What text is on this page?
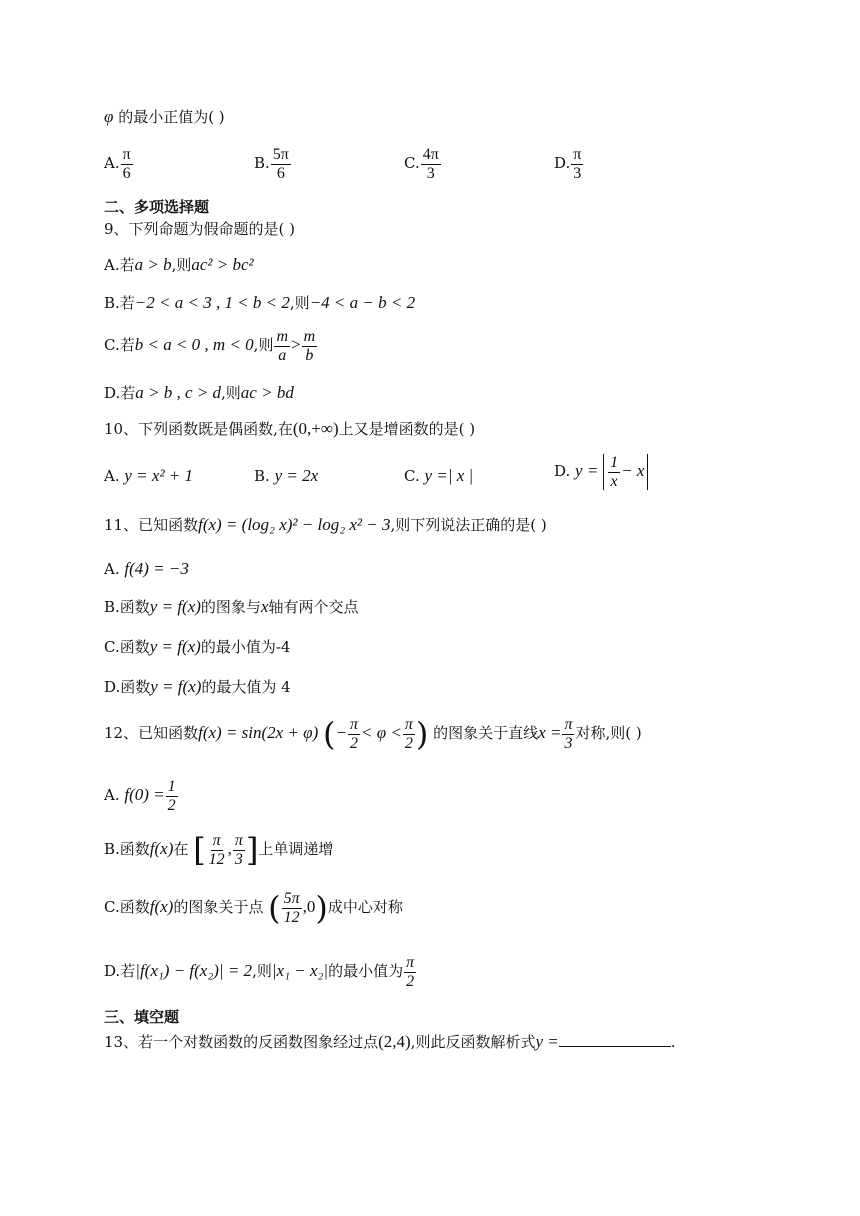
φ 的最小正值为( )
A. $\frac{\pi}{6}$	B. $\frac{5\pi}{6}$	C. $\frac{4\pi}{3}$	D. $\frac{\pi}{3}$
二、多项选择题
9、下列命题为假命题的是( )
A.若a > b,则ac² > bc²
B.若−2 < a < 3 , 1 < b < 2,则−4 < a − b < 2
C.若b < a < 0 , m < 0,则 $\frac{m}{a} > \frac{m}{b}$
D.若a > b , c > d,则ac > bd
10、下列函数既是偶函数,在(0,+∞)上又是增函数的是( )
A. y = x² + 1	B. y = 2x	C. y =| x |	D. $y = \frac{1}{x} - x$
11、已知函数f(x) = (log₂ x)² − log₂ x² − 3,则下列说法正确的是( )
A. f(4) = −3
B.函数y = f(x)的图象与x轴有两个交点
C.函数y = f(x)的最小值为-4
D.函数y = f(x)的最大值为 4
12、已知函数f(x) = sin(2x + φ) (− $\frac{\pi}{2} < \varphi < \frac{\pi}{2}$ ) 的图象关于直线$x = \frac{\pi}{3}$ 对称,则( )
A. $f(0) = \frac{1}{2}$
B.函数f(x)在 [ $\frac{\pi}{12}$ , $\frac{\pi}{3}$ ]上单调递增
C.函数f(x)的图象关于点 ( $\frac{5\pi}{12} ,0$)成中心对称
D.若|f(x₁) − f(x₂)| = 2,则|x₁ − x₂|的最小值为 $\frac{\pi}{2}$
三、填空题
13、若一个对数函数的反函数图象经过点(2,4),则此反函数解析式y =	.
